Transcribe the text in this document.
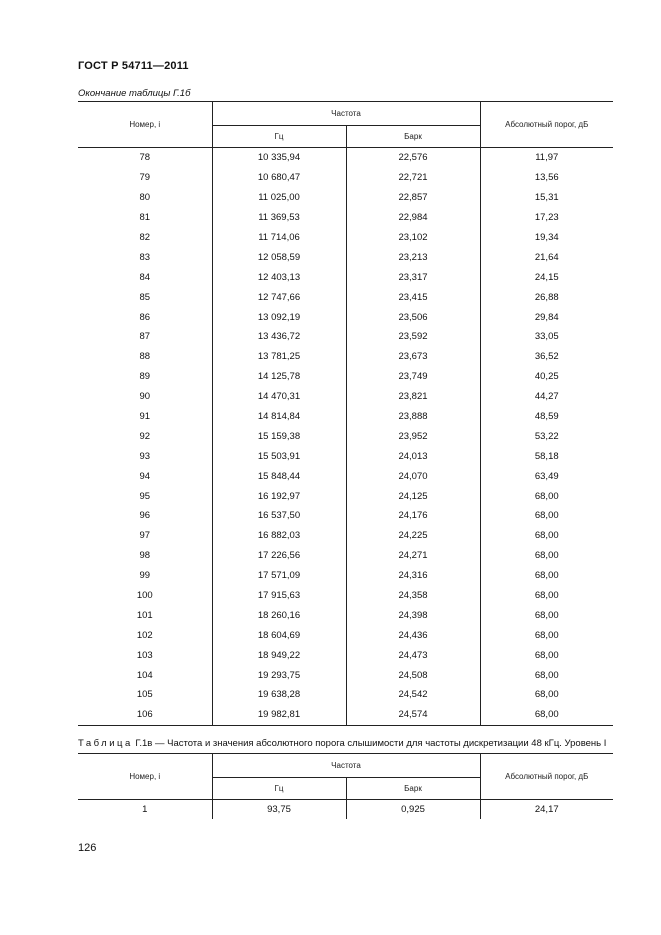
ГОСТ Р 54711—2011
Окончание таблицы Г.1б
Номер, i	Частота		Абсолютный порог, дБ
	Гц	Барк	
78	10 335,94	22,576	11,97
79	10 680,47	22,721	13,56
80	11 025,00	22,857	15,31
81	11 369,53	22,984	17,23
82	11 714,06	23,102	19,34
83	12 058,59	23,213	21,64
84	12 403,13	23,317	24,15
85	12 747,66	23,415	26,88
86	13 092,19	23,506	29,84
87	13 436,72	23,592	33,05
88	13 781,25	23,673	36,52
89	14 125,78	23,749	40,25
90	14 470,31	23,821	44,27
91	14 814,84	23,888	48,59
92	15 159,38	23,952	53,22
93	15 503,91	24,013	58,18
94	15 848,44	24,070	63,49
95	16 192,97	24,125	68,00
96	16 537,50	24,176	68,00
97	16 882,03	24,225	68,00
98	17 226,56	24,271	68,00
99	17 571,09	24,316	68,00
100	17 915,63	24,358	68,00
101	18 260,16	24,398	68,00
102	18 604,69	24,436	68,00
103	18 949,22	24,473	68,00
104	19 293,75	24,508	68,00
105	19 638,28	24,542	68,00
106	19 982,81	24,574	68,00
Таблица Г.1в — Частота и значения абсолютного порога слышимости для частоты дискретизации 48 кГц. Уровень I
Номер, i	Частота		Абсолютный порог, дБ
	Гц	Барк	
1	93,75	0,925	24,17
126
